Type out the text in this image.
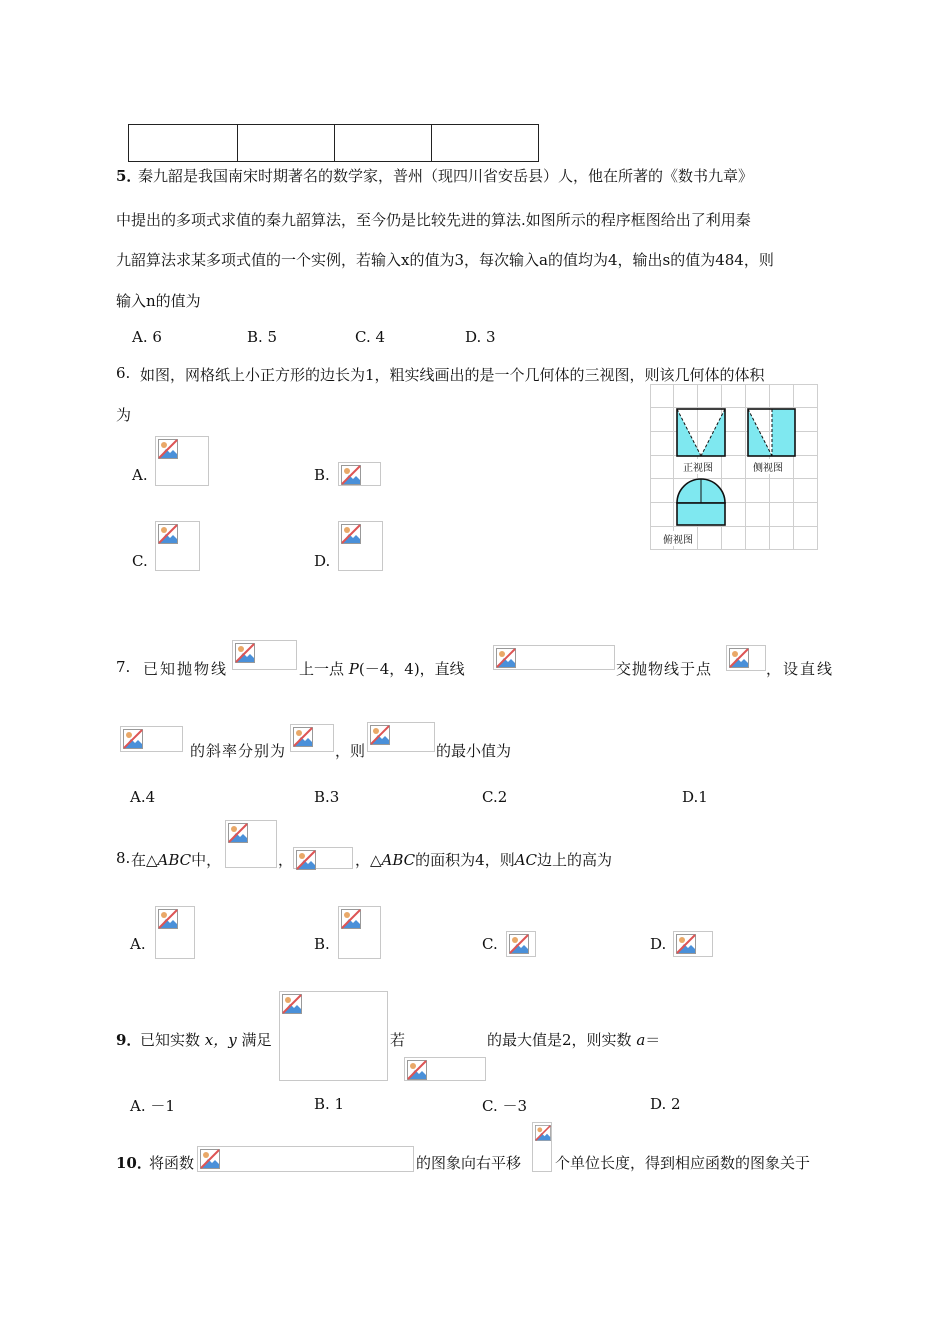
5．
秦九韶是我国南宋时期著名的数学家，普州（现四川省安岳县）人，他在所著的《数书九章》
中提出的多项式求值的秦九韶算法，至今仍是比较先进的算法.如图所示的程序框图给出了利用秦
九韶算法求某多项式值的一个实例，若输入x的值为3，每次输入a的值均为4，输出s的值为484，则
输入n的值为
A. 6	B. 5	C. 4	D. 3
6. 如图，网格纸上小正方形的边长为1，粗实线画出的是一个几何体的三视图，则该几何体的体积
为
A.	B.
C.	D.
正视图	侧视图
俯视图
7. 已知抛物线	上一点 P(－4，4)，直线	交抛物线于点	，设直线
的斜率分别为	，则	的最小值为
A.4	B.3	C.2	D.1
8. 在△ABC中，	，	，△ABC的面积为4，则AC边上的高为
A.	B.	C.	D.
9．
已知实数 x，y 满足	若	的最大值是2，则实数 a＝
A. －1	B. 1	C. －3	D. 2
10．
将函数	的图象向右平移 个单位长度，得到相应函数的图象关于
